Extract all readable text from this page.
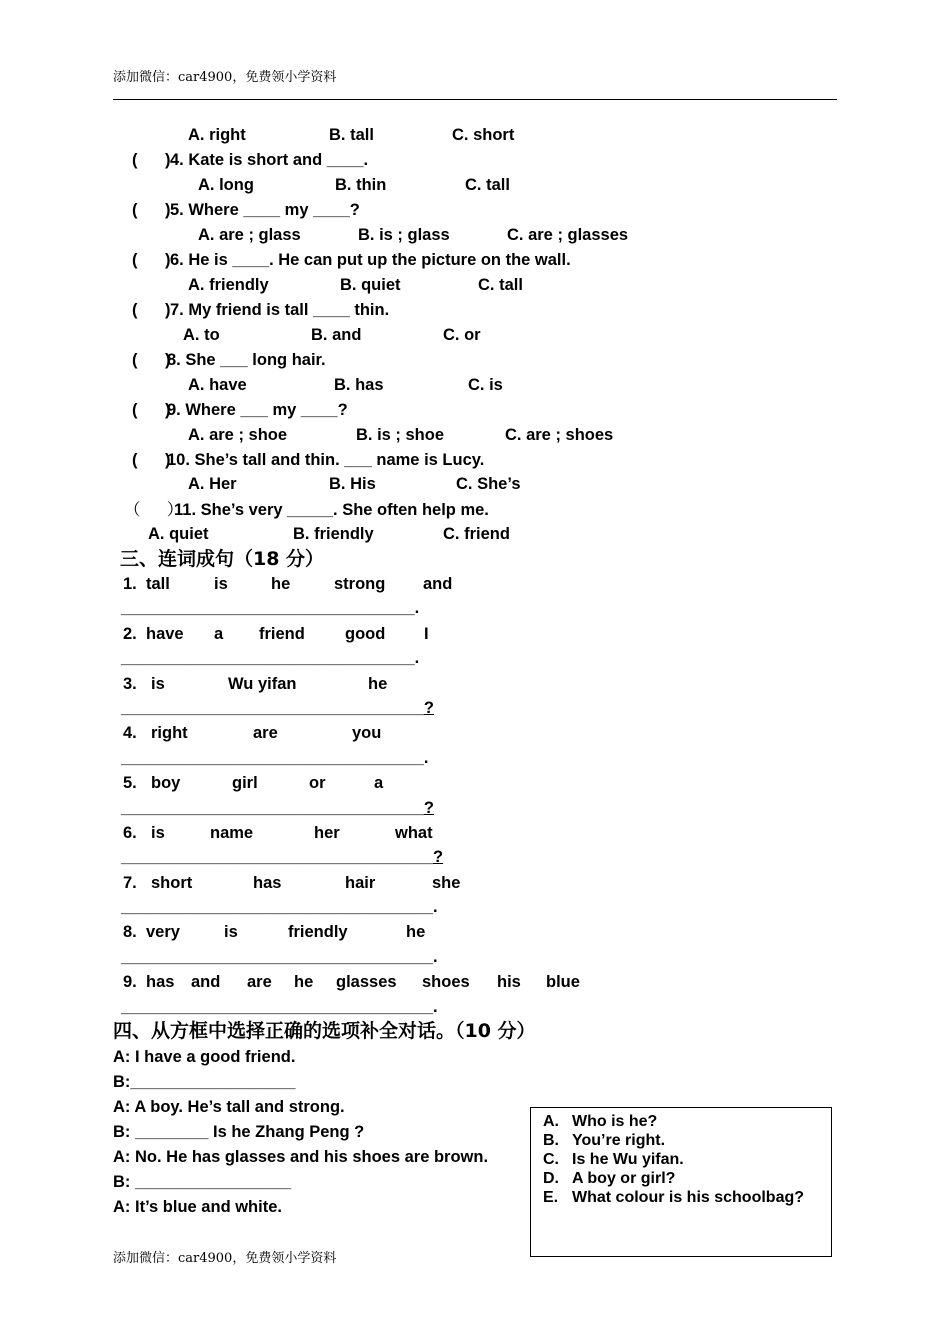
添加微信：car4900，免费领小学资料
A. right	B. tall	C. short
(      ) 4. Kate is short and ____.
A. long	B. thin	C. tall
(      ) 5. Where ____ my ____?
A. are ; glass	B. is ; glass	C. are ; glasses
(      ) 6. He is ____. He can put up the picture on the wall.
A. friendly	B. quiet	C. tall
(      ) 7. My friend is tall ____ thin.
A. to	B. and	C. or
(      )
8. She ___ long hair.
A. have	B. has	C. is
(      )
9. Where ___ my ____?
A. are ; shoe	B. is ; shoe	C. are ; shoes
(      )
10. She’s tall and thin. ___ name is Lucy.
A. Her	B. His	C. She’s
（     ）
11. She’s very _____. She often help me.
A. quiet	B. friendly	C. friend
三、连词成句（18 分）
1. tall	is	he	strong and
________________________________.
2. have a friend good I
________________________________.
3. is	Wu yifan	he
_________________________________?
4. right	are	you
_________________________________.
5. boy	girl	or	a
_________________________________?
6. is	name	her	what
__________________________________?
7. short	has	hair	she
__________________________________.
8. very	is	friendly	he
__________________________________.
9. has and are he glasses shoes his blue
__________________________________.
四、从方框中选择正确的选项补全对话。（10 分）
A: I have a good friend.
B:__________________
A: A boy. He’s tall and strong.
B: ________ Is he Zhang Peng ?
A: No. He has glasses and his shoes are brown.
B: _________________
A: It’s blue and white.
A. Who is he?
B. You’re right.
C. Is he Wu yifan.
D. A boy or girl?
E. What colour is his schoolbag?
添加微信：car4900，免费领小学资料
